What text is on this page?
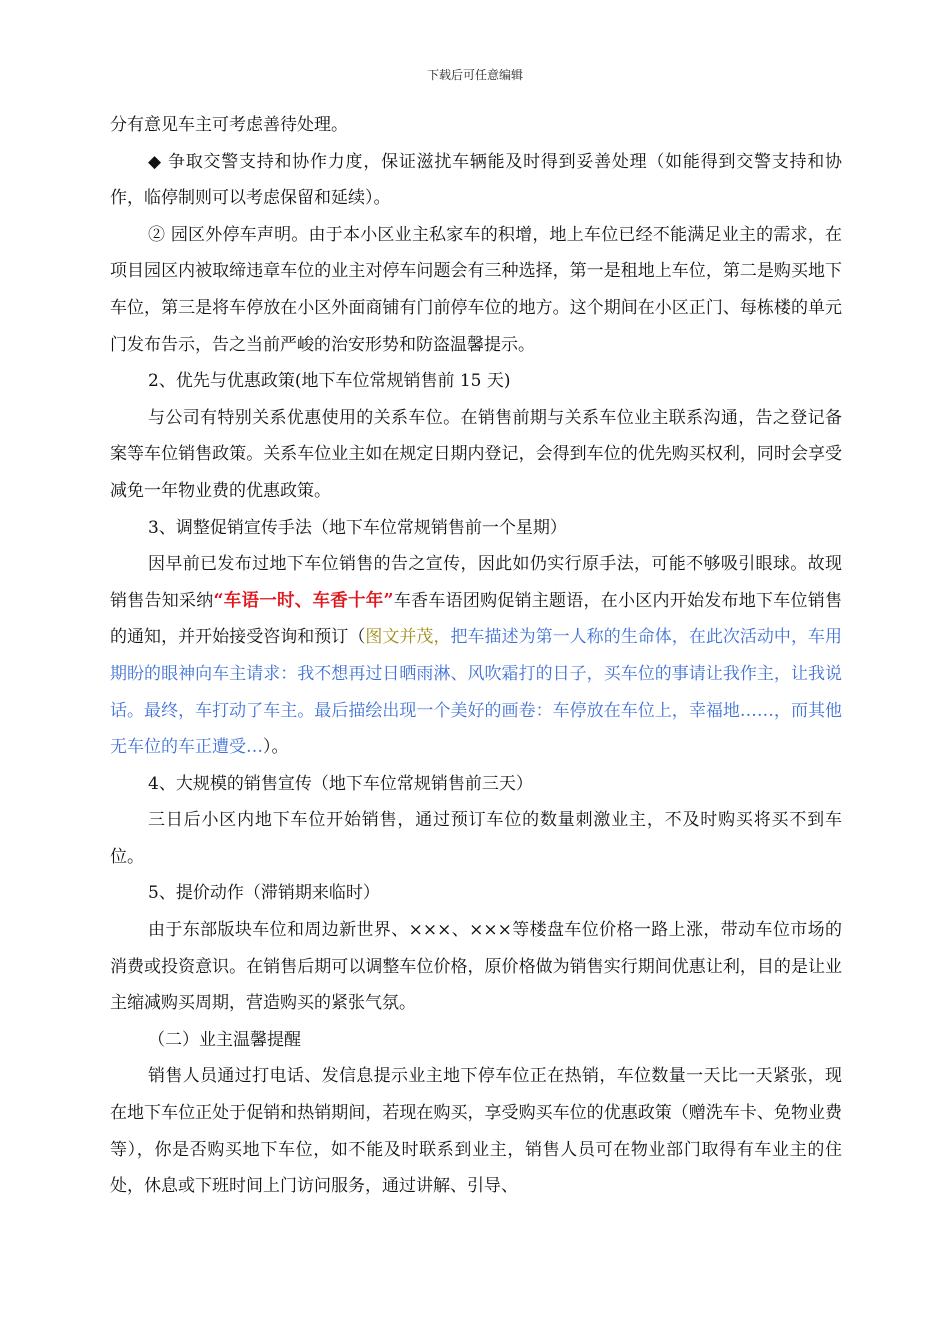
下载后可任意编辑

分有意见车主可考虑善待处理。

◆ 争取交警支持和协作力度，保证滋扰车辆能及时得到妥善处理（如能得到交警支持和协作，临停制则可以考虑保留和延续）。

② 园区外停车声明。由于本小区业主私家车的积增，地上车位已经不能满足业主的需求，在项目园区内被取缔违章车位的业主对停车问题会有三种选择，第一是租地上车位，第二是购买地下车位，第三是将车停放在小区外面商铺有门前停车位的地方。这个期间在小区正门、每栋楼的单元门发布告示，告之当前严峻的治安形势和防盗温馨提示。

2、优先与优惠政策(地下车位常规销售前 15 天)

与公司有特别关系优惠使用的关系车位。在销售前期与关系车位业主联系沟通，告之登记备案等车位销售政策。关系车位业主如在规定日期内登记，会得到车位的优先购买权利，同时会享受减免一年物业费的优惠政策。

3、调整促销宣传手法（地下车位常规销售前一个星期）

因早前已发布过地下车位销售的告之宣传，因此如仍实行原手法，可能不够吸引眼球。故现销售告知采纳“车语一时、车香十年”车香车语团购促销主题语，在小区内开始发布地下车位销售的通知，并开始接受咨询和预订（图文并茂，把车描述为第一人称的生命体，在此次活动中，车用期盼的眼神向车主请求：我不想再过日晒雨淋、风吹霜打的日子，买车位的事请让我作主，让我说话。最终，车打动了车主。最后描绘出现一个美好的画卷：车停放在车位上，幸福地……，而其他无车位的车正遭受…）。

4、大规模的销售宣传（地下车位常规销售前三天）

三日后小区内地下车位开始销售，通过预订车位的数量刺激业主，不及时购买将买不到车位。

5、提价动作（滞销期来临时）

由于东部版块车位和周边新世界、×××、×××等楼盘车位价格一路上涨，带动车位市场的消费或投资意识。在销售后期可以调整车位价格，原价格做为销售实行期间优惠让利，目的是让业主缩减购买周期，营造购买的紧张气氛。

（二）业主温馨提醒

销售人员通过打电话、发信息提示业主地下停车位正在热销，车位数量一天比一天紧张，现在地下车位正处于促销和热销期间，若现在购买，享受购买车位的优惠政策（赠洗车卡、免物业费等），你是否购买地下车位，如不能及时联系到业主，销售人员可在物业部门取得有车业主的住处，休息或下班时间上门访问服务，通过讲解、引导、
